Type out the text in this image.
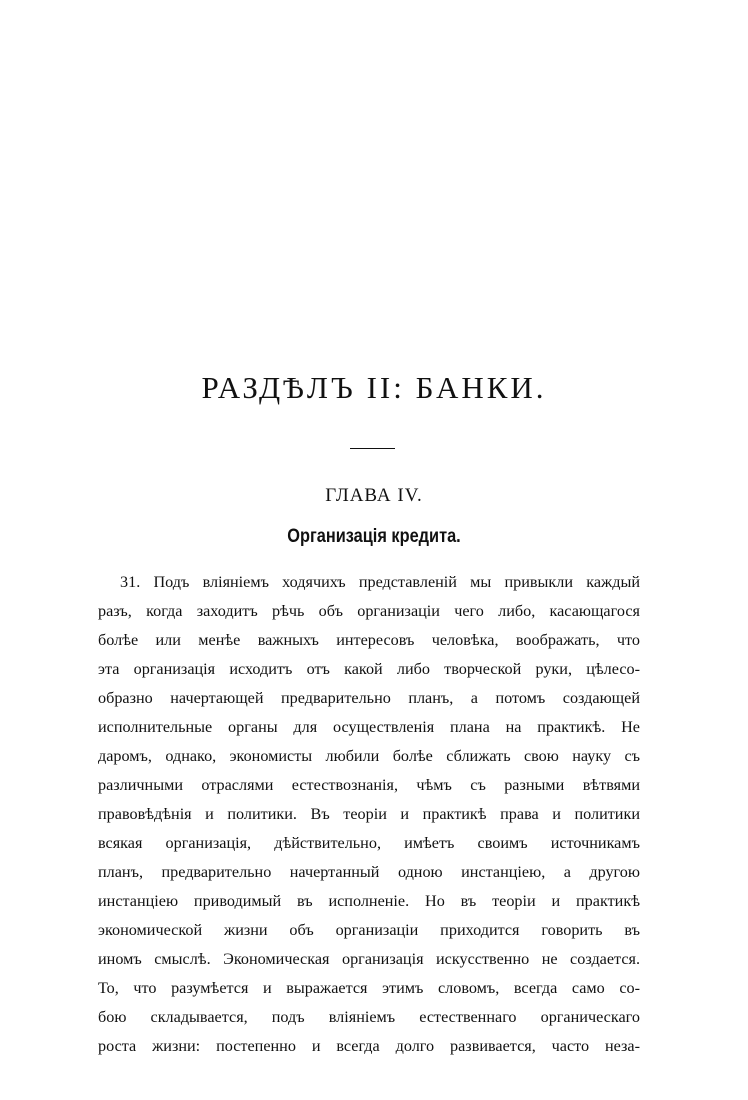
РАЗДѢЛЪ II: БАНКИ.
ГЛАВА IV.
Организація кредита.
31. Подъ вліяніемъ ходячихъ представленій мы привыкли каждый
разъ, когда заходитъ рѣчь объ организаціи чего либо, касающагося
болѣе или менѣе важныхъ интересовъ человѣка, воображать, что
эта организація исходитъ отъ какой либо творческой руки, цѣлесо-
образно начертающей предварительно планъ, а потомъ создающей
исполнительные органы для осуществленія плана на практикѣ. Не
даромъ, однако, экономисты любили болѣе сближать свою науку съ
различными отраслями естествознанія, чѣмъ съ разными вѣтвями
правовѣдѣнія и политики. Въ теоріи и практикѣ права и политики
всякая организація, дѣйствительно, имѣетъ своимъ источникамъ
планъ, предварительно начертанный одною инстанціею, а другою
инстанціею приводимый въ исполненіе. Но въ теоріи и практикѣ
экономической жизни объ организаціи приходится говорить въ
иномъ смыслѣ. Экономическая организація искусственно не создается.
То, что разумѣется и выражается этимъ словомъ, всегда само со-
бою складывается, подъ вліяніемъ естественнаго органическаго
роста жизни: постепенно и всегда долго развивается, часто неза-
